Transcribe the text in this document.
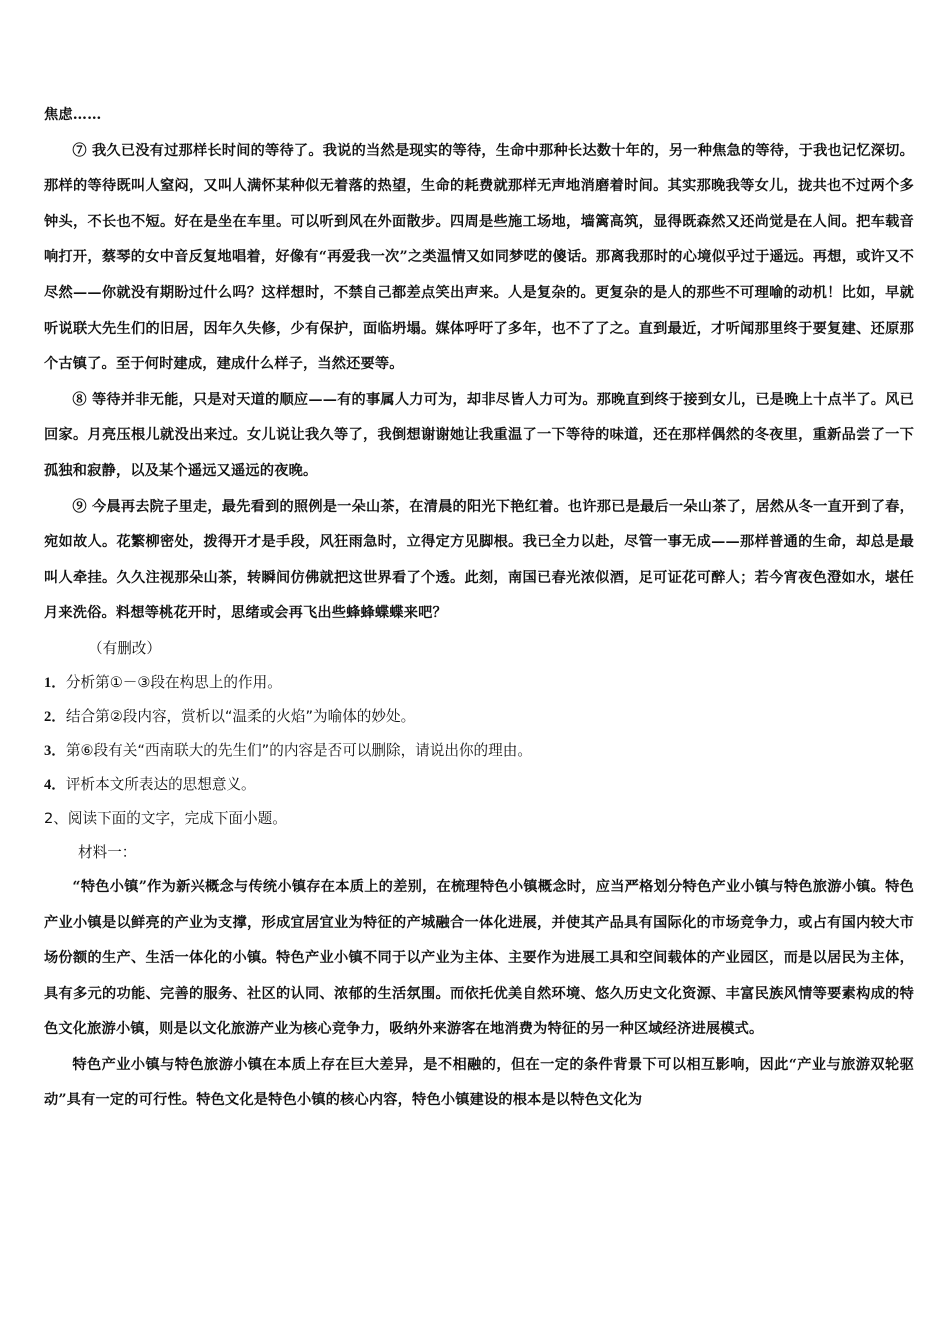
焦虑……

⑦ 我久已没有过那样长时间的等待了。我说的当然是现实的等待，生命中那种长达数十年的，另一种焦急的等待，于我也记忆深切。那样的等待既叫人窒闷，又叫人满怀某种似无着落的热望，生命的耗费就那样无声地消磨着时间。其实那晚我等女儿，拢共也不过两个多钟头，不长也不短。好在是坐在车里。可以听到风在外面散步。四周是些施工场地，墙篱高筑，显得既森然又还尚觉是在人间。把车载音响打开，蔡琴的女中音反复地唱着，好像有“再爱我一次”之类温情又如同梦呓的傻话。那离我那时的心境似乎过于遥远。再想，或许又不尽然——你就没有期盼过什么吗？这样想时，不禁自己都差点笑出声来。人是复杂的。更复杂的是人的那些不可理喻的动机！比如，早就听说联大先生们的旧居，因年久失修，少有保护，面临坍塌。媒体呼吁了多年，也不了了之。直到最近，才听闻那里终于要复建、还原那个古镇了。至于何时建成，建成什么样子，当然还要等。

⑧ 等待并非无能，只是对天道的顺应——有的事属人力可为，却非尽皆人力可为。那晚直到终于接到女儿，已是晚上十点半了。风已回家。月亮压根儿就没出来过。女儿说让我久等了，我倒想谢谢她让我重温了一下等待的味道，还在那样偶然的冬夜里，重新品尝了一下孤独和寂静，以及某个遥远又遥远的夜晚。

⑨ 今晨再去院子里走，最先看到的照例是一朵山茶，在清晨的阳光下艳红着。也许那已是最后一朵山茶了，居然从冬一直开到了春，宛如故人。花繁柳密处，拨得开才是手段，风狂雨急时，立得定方见脚根。我已全力以赴，尽管一事无成——那样普通的生命，却总是最叫人牵挂。久久注视那朵山茶，转瞬间仿佛就把这世界看了个透。此刻，南国已春光浓似酒，足可证花可醉人；若今宵夜色澄如水，堪任月来洗俗。料想等桃花开时，思绪或会再飞出些蜂蜂蝶蝶来吧？

（有删改）

1．分析第①－③段在构思上的作用。

2．结合第②段内容，赏析以“温柔的火焰”为喻体的妙处。

3．第⑥段有关“西南联大的先生们”的内容是否可以删除，请说出你的理由。

4．评析本文所表达的思想意义。

2、阅读下面的文字，完成下面小题。

材料一：

“特色小镇”作为新兴概念与传统小镇存在本质上的差别，在梳理特色小镇概念时，应当严格划分特色产业小镇与特色旅游小镇。特色产业小镇是以鲜亮的产业为支撑，形成宜居宜业为特征的产城融合一体化进展，并使其产品具有国际化的市场竞争力，或占有国内较大市场份额的生产、生活一体化的小镇。特色产业小镇不同于以产业为主体、主要作为进展工具和空间载体的产业园区，而是以居民为主体，具有多元的功能、完善的服务、社区的认同、浓郁的生活氛围。而依托优美自然环境、悠久历史文化资源、丰富民族风情等要素构成的特色文化旅游小镇，则是以文化旅游产业为核心竞争力，吸纳外来游客在地消费为特征的另一种区域经济进展模式。

特色产业小镇与特色旅游小镇在本质上存在巨大差异，是不相融的，但在一定的条件背景下可以相互影响，因此“产业与旅游双轮驱动”具有一定的可行性。特色文化是特色小镇的核心内容，特色小镇建设的根本是以特色文化为
